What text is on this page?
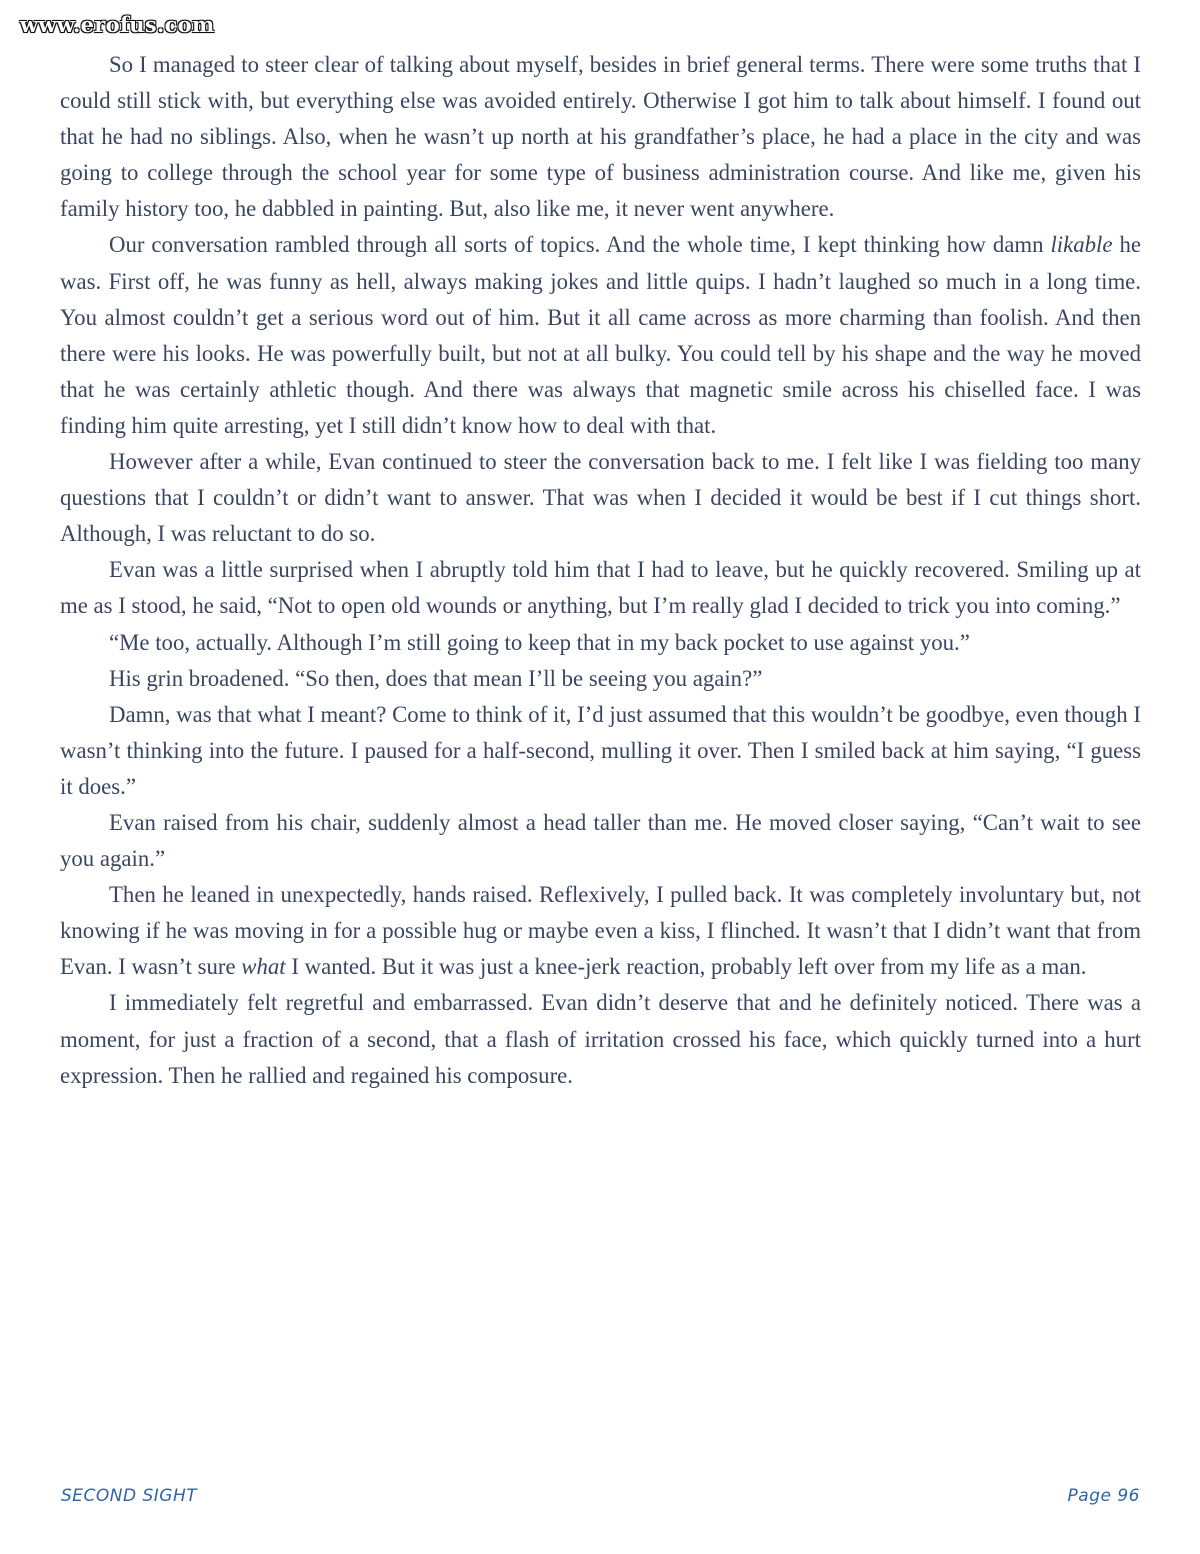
www.erofus.com

So I managed to steer clear of talking about myself, besides in brief general terms. There were some truths that I could still stick with, but everything else was avoided entirely. Otherwise I got him to talk about himself. I found out that he had no siblings. Also, when he wasn’t up north at his grandfather’s place, he had a place in the city and was going to college through the school year for some type of business administration course. And like me, given his family history too, he dabbled in painting. But, also like me, it never went anywhere.

Our conversation rambled through all sorts of topics. And the whole time, I kept thinking how damn likable he was. First off, he was funny as hell, always making jokes and little quips. I hadn’t laughed so much in a long time. You almost couldn’t get a serious word out of him. But it all came across as more charming than foolish. And then there were his looks. He was powerfully built, but not at all bulky. You could tell by his shape and the way he moved that he was certainly athletic though. And there was always that magnetic smile across his chiselled face. I was finding him quite arresting, yet I still didn’t know how to deal with that.

However after a while, Evan continued to steer the conversation back to me. I felt like I was fielding too many questions that I couldn’t or didn’t want to answer. That was when I decided it would be best if I cut things short. Although, I was reluctant to do so.

Evan was a little surprised when I abruptly told him that I had to leave, but he quickly recovered. Smiling up at me as I stood, he said, “Not to open old wounds or anything, but I’m really glad I decided to trick you into coming.”

“Me too, actually. Although I’m still going to keep that in my back pocket to use against you.”

His grin broadened. “So then, does that mean I’ll be seeing you again?”

Damn, was that what I meant? Come to think of it, I’d just assumed that this wouldn’t be goodbye, even though I wasn’t thinking into the future. I paused for a half-second, mulling it over. Then I smiled back at him saying, “I guess it does.”

Evan raised from his chair, suddenly almost a head taller than me. He moved closer saying, “Can’t wait to see you again.”

Then he leaned in unexpectedly, hands raised. Reflexively, I pulled back. It was completely involuntary but, not knowing if he was moving in for a possible hug or maybe even a kiss, I flinched. It wasn’t that I didn’t want that from Evan. I wasn’t sure what I wanted. But it was just a knee-jerk reaction, probably left over from my life as a man.

I immediately felt regretful and embarrassed. Evan didn’t deserve that and he definitely noticed. There was a moment, for just a fraction of a second, that a flash of irritation crossed his face, which quickly turned into a hurt expression. Then he rallied and regained his composure.

SECOND SIGHT	Page 96
